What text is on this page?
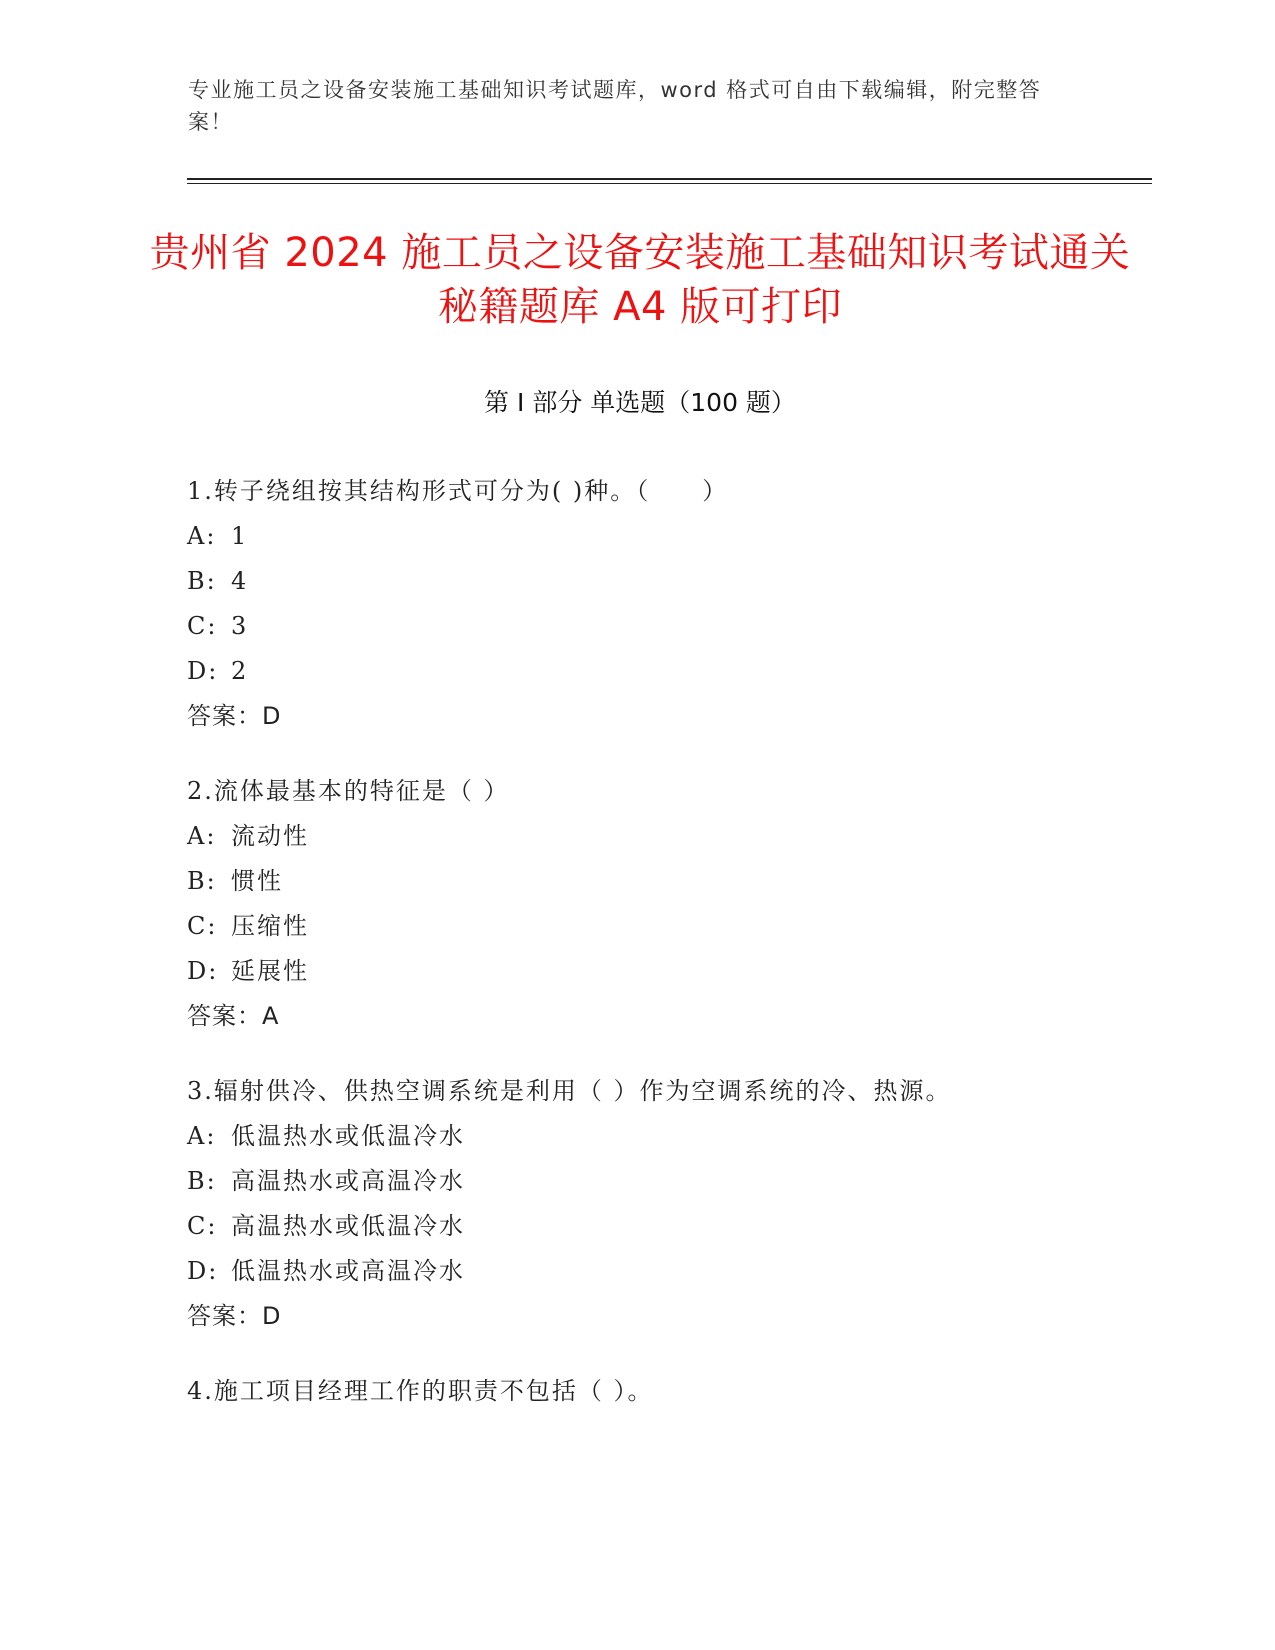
专业施工员之设备安装施工基础知识考试题库，word 格式可自由下载编辑，附完整答案！
贵州省 2024 施工员之设备安装施工基础知识考试通关秘籍题库 A4 版可打印
第 I 部分 单选题（100 题）
1.转子绕组按其结构形式可分为( )种。（　　）
A: 1
B: 4
C: 3
D: 2
答案：D
2.流体最基本的特征是（ ）
A: 流动性
B: 惯性
C: 压缩性
D: 延展性
答案：A
3.辐射供冷、供热空调系统是利用（ ）作为空调系统的冷、热源。
A: 低温热水或低温冷水
B: 高温热水或高温冷水
C: 高温热水或低温冷水
D: 低温热水或高温冷水
答案：D
4.施工项目经理工作的职责不包括（ ）。
